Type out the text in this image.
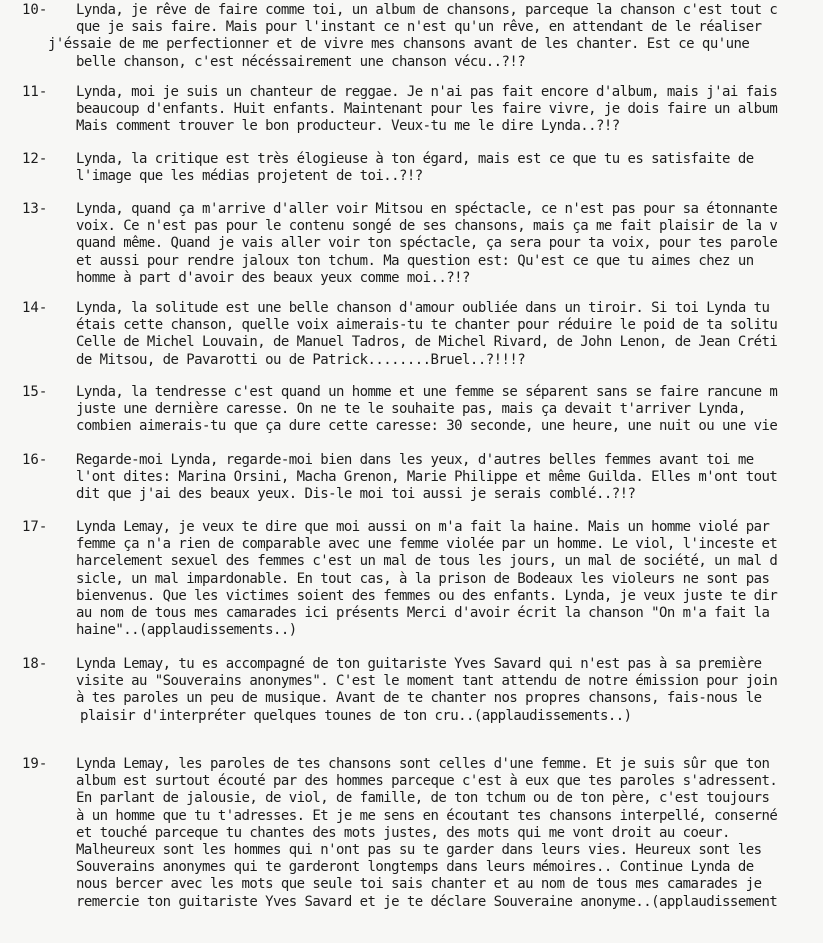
10- Lynda, je rêve de faire comme toi, un album de chansons, parceque la chanson c'est tout c
que je sais faire. Mais pour l'instant ce n'est qu'un rêve, en attendant de le réaliser
j'éssaie de me perfectionner et de vivre mes chansons avant de les chanter. Est ce qu'une
belle chanson, c'est nécéssairement une chanson vécu..?!?
11- Lynda, moi je suis un chanteur de reggae. Je n'ai pas fait encore d'album, mais j'ai fais
beaucoup d'enfants. Huit enfants. Maintenant pour les faire vivre, je dois faire un album
Mais comment trouver le bon producteur. Veux-tu me le dire Lynda..?!?
12- Lynda, la critique est très élogieuse à ton égard, mais est ce que tu es satisfaite de
l'image que les médias projetent de toi..?!?
13- Lynda, quand ça m'arrive d'aller voir Mitsou en spéctacle, ce n'est pas pour sa étonnante
voix. Ce n'est pas pour le contenu songé de ses chansons, mais ça me fait plaisir de la v
quand même. Quand je vais aller voir ton spéctacle, ça sera pour ta voix, pour tes parole
et aussi pour rendre jaloux ton tchum. Ma question est: Qu'est ce que tu aimes chez un
homme à part d'avoir des beaux yeux comme moi..?!?
14- Lynda, la solitude est une belle chanson d'amour oubliée dans un tiroir. Si toi Lynda tu
étais cette chanson, quelle voix aimerais-tu te chanter pour réduire le poid de ta solitu
Celle de Michel Louvain, de Manuel Tadros, de Michel Rivard, de John Lenon, de Jean Créti
de Mitsou, de Pavarotti ou de Patrick........Bruel..?!!!?
15- Lynda, la tendresse c'est quand un homme et une femme se séparent sans se faire rancune m
juste une dernière caresse. On ne te le souhaite pas, mais ça devait t'arriver Lynda,
combien aimerais-tu que ça dure cette caresse: 30 seconde, une heure, une nuit ou une vie
16- Regarde-moi Lynda, regarde-moi bien dans les yeux, d'autres belles femmes avant toi me
l'ont dites: Marina Orsini, Macha Grenon, Marie Philippe et même Guilda. Elles m'ont tout
dit que j'ai des beaux yeux. Dis-le moi toi aussi je serais comblé..?!?
17- Lynda Lemay, je veux te dire que moi aussi on m'a fait la haine. Mais un homme violé par
femme ça n'a rien de comparable avec une femme violée par un homme. Le viol, l'inceste et
harcelement sexuel des femmes c'est un mal de tous les jours, un mal de société, un mal d
sicle, un mal impardonable. En tout cas, à la prison de Bodeaux les violeurs ne sont pas
bienvenus. Que les victimes soient des femmes ou des enfants. Lynda, je veux juste te dir
au nom de tous mes camarades ici présents Merci d'avoir écrit la chanson "On m'a fait la
haine"..(applaudissements..)
18- Lynda Lemay, tu es accompagné de ton guitariste Yves Savard qui n'est pas à sa première
visite au "Souverains anonymes". C'est le moment tant attendu de notre émission pour join
à tes paroles un peu de musique. Avant de te chanter nos propres chansons, fais-nous le
plaisir d'interpréter quelques tounes de ton cru..(applaudissements..)
19- Lynda Lemay, les paroles de tes chansons sont celles d'une femme. Et je suis sûr que ton
album est surtout écouté par des hommes parceque c'est à eux que tes paroles s'adressent.
En parlant de jalousie, de viol, de famille, de ton tchum ou de ton père, c'est toujours
à un homme que tu t'adresses. Et je me sens en écoutant tes chansons interpellé, conserné
et touché parceque tu chantes des mots justes, des mots qui me vont droit au coeur.
Malheureux sont les hommes qui n'ont pas su te garder dans leurs vies. Heureux sont les
Souverains anonymes qui te garderont longtemps dans leurs mémoires.. Continue Lynda de
nous bercer avec les mots que seule toi sais chanter et au nom de tous mes camarades je
remercie ton guitariste Yves Savard et je te déclare Souveraine anonyme..(applaudissement
